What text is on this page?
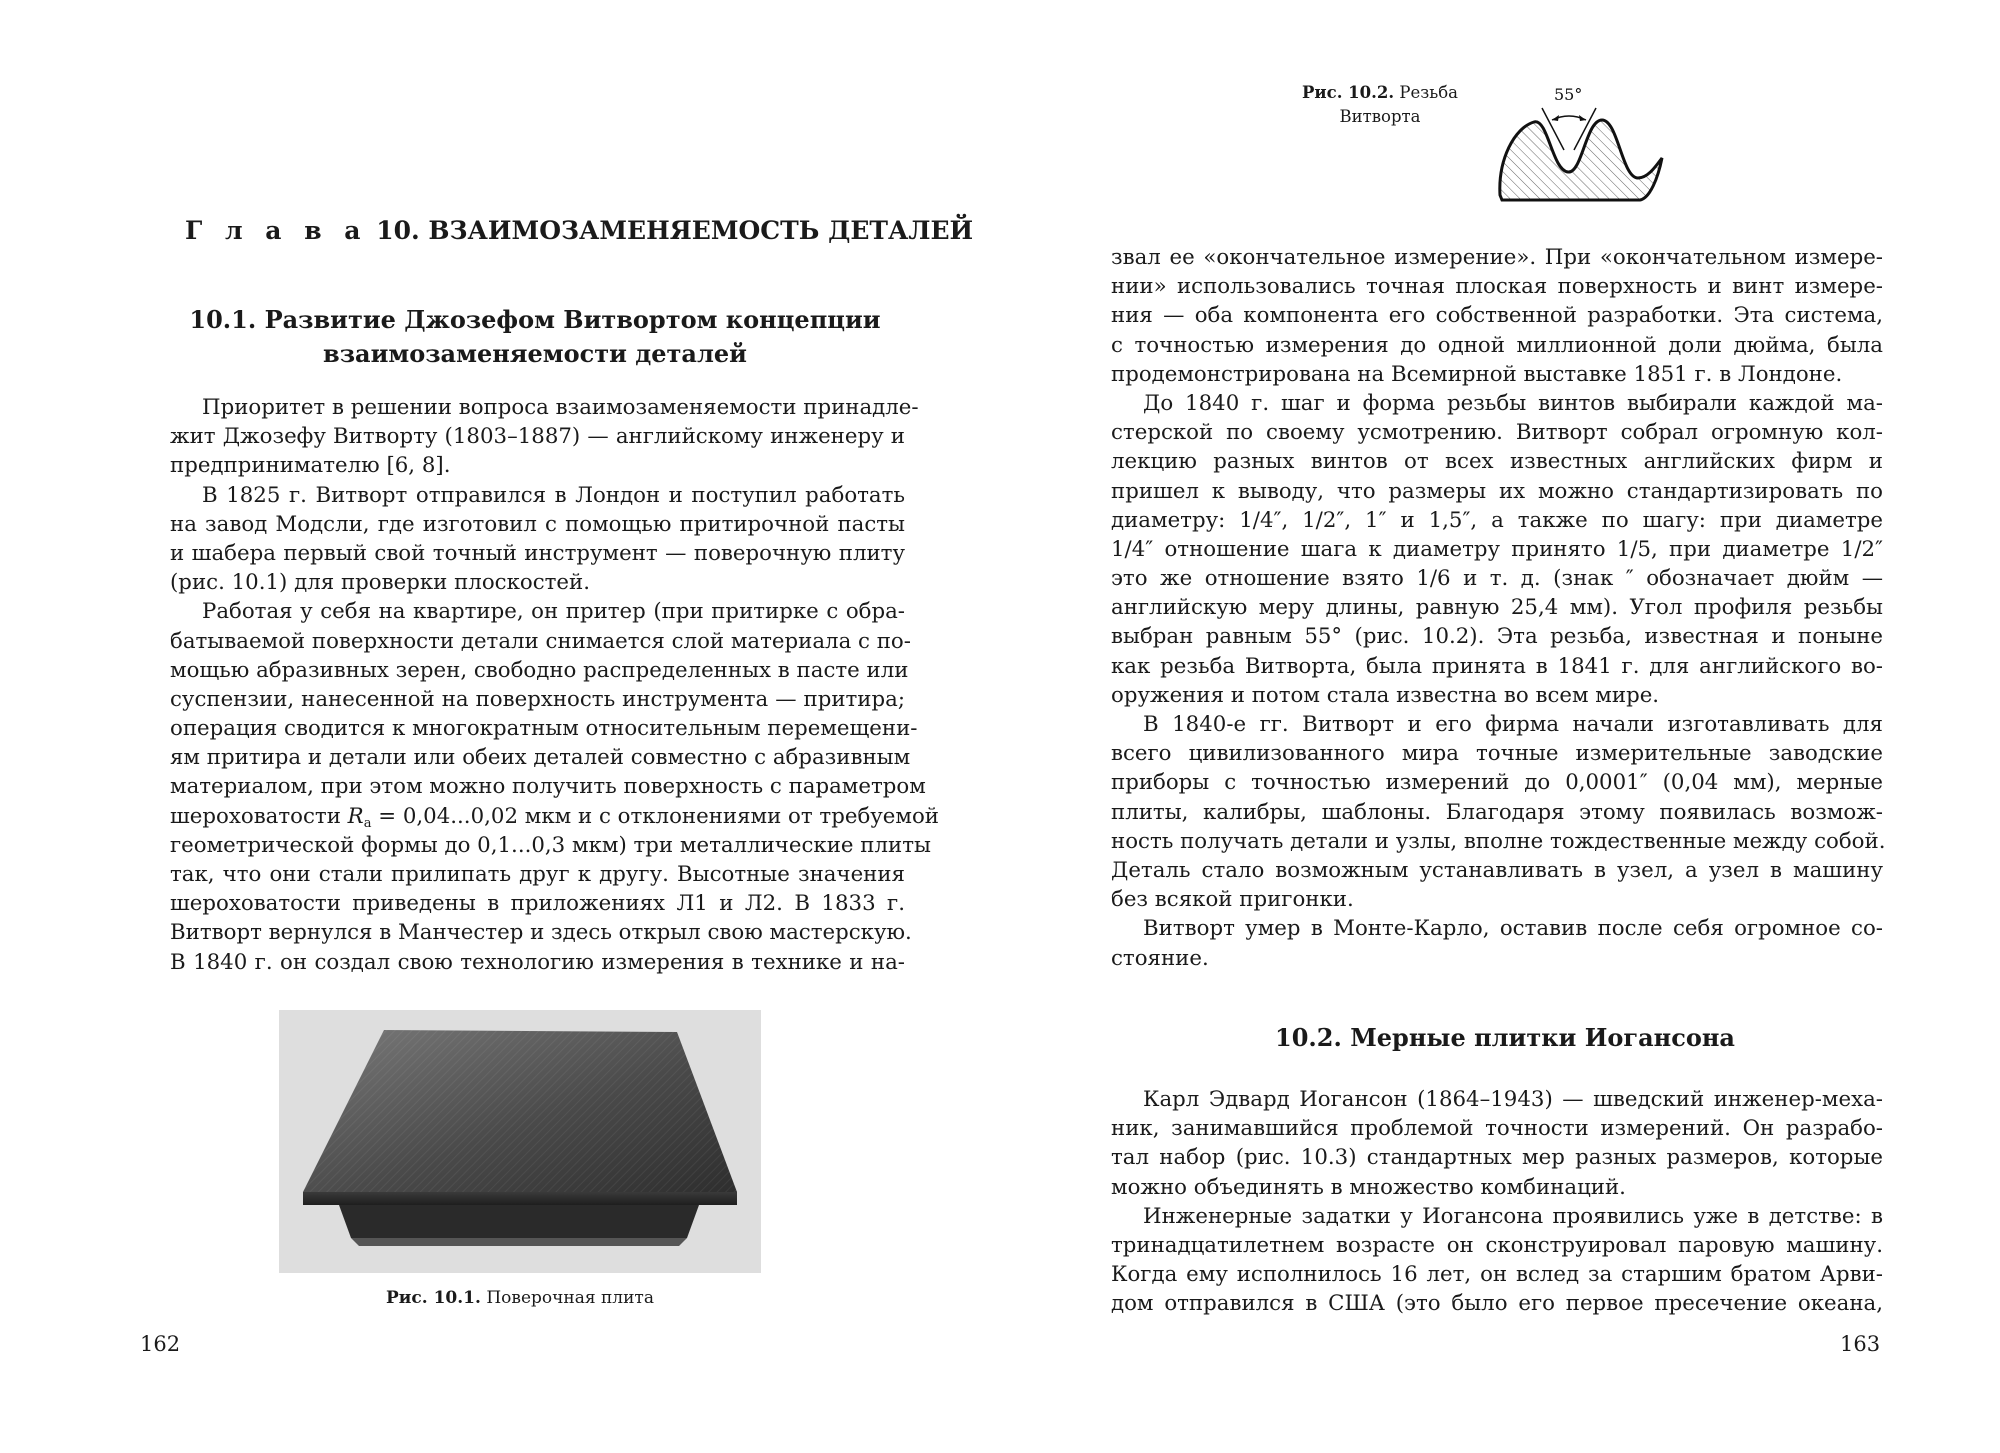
Г л а в а 10. ВЗАИМОЗАМЕНЯЕМОСТЬ ДЕТАЛЕЙ
10.1. Развитие Джозефом Витвортом концепции
взаимозаменяемости деталей
Приоритет в решении вопроса взаимозаменяемости принадле-
жит Джозефу Витворту (1803–1887) — английскому инженеру и
предпринимателю [6, 8].
В 1825 г. Витворт отправился в Лондон и поступил работать
на завод Модсли, где изготовил с помощью притирочной пасты
и шабера первый свой точный инструмент — поверочную плиту
(рис. 10.1) для проверки плоскостей.
Работая у себя на квартире, он притер (при притирке с обра-
батываемой поверхности детали снимается слой материала с по-
мощью абразивных зерен, свободно распределенных в пасте или
суспензии, нанесенной на поверхность инструмента — притира;
операция сводится к многократным относительным перемещени-
ям притира и детали или обеих деталей совместно с абразивным
материалом, при этом можно получить поверхность с параметром
шероховатости $R_a = 0,04...0,02$ мкм и с отклонениями от требуемой
геометрической формы до 0,1...0,3 мкм) три металлические плиты
так, что они стали прилипать друг к другу. Высотные значения
шероховатости приведены в приложениях Л1 и Л2. В 1833 г.
Витворт вернулся в Манчестер и здесь открыл свою мастерскую.
В 1840 г. он создал свою технологию измерения в технике и на-
Рис. 10.1. Поверочная плита
162
Рис. 10.2. Резьба
Витворта
55°
звал ее «окончательное измерение». При «окончательном измере-
нии» использовались точная плоская поверхность и винт измере-
ния — оба компонента его собственной разработки. Эта система,
с точностью измерения до одной миллионной доли дюйма, была
продемонстрирована на Всемирной выставке 1851 г. в Лондоне.
До 1840 г. шаг и форма резьбы винтов выбирали каждой ма-
стерской по своему усмотрению. Витворт собрал огромную кол-
лекцию разных винтов от всех известных английских фирм и
пришел к выводу, что размеры их можно стандартизировать по
диаметру: 1/4″, 1/2″, 1″ и 1,5″, а также по шагу: при диаметре
1/4″ отношение шага к диаметру принято 1/5, при диаметре 1/2″
это же отношение взято 1/6 и т. д. (знак ″ обозначает дюйм —
английскую меру длины, равную 25,4 мм). Угол профиля резьбы
выбран равным 55° (рис. 10.2). Эта резьба, известная и поныне
как резьба Витворта, была принята в 1841 г. для английского во-
оружения и потом стала известна во всем мире.
В 1840-е гг. Витворт и его фирма начали изготавливать для
всего цивилизованного мира точные измерительные заводские
приборы с точностью измерений до 0,0001″ (0,04 мм), мерные
плиты, калибры, шаблоны. Благодаря этому появилась возмож-
ность получать детали и узлы, вполне тождественные между собой.
Деталь стало возможным устанавливать в узел, а узел в машину
без всякой пригонки.
Витворт умер в Монте-Карло, оставив после себя огромное со-
стояние.
10.2. Мерные плитки Иогансона
Карл Эдвард Иогансон (1864–1943) — шведский инженер-меха-
ник, занимавшийся проблемой точности измерений. Он разрабо-
тал набор (рис. 10.3) стандартных мер разных размеров, которые
можно объединять в множество комбинаций.
Инженерные задатки у Иогансона проявились уже в детстве: в
тринадцатилетнем возрасте он сконструировал паровую машину.
Когда ему исполнилось 16 лет, он вслед за старшим братом Арви-
дом отправился в США (это было его первое пресечение океана,
163
